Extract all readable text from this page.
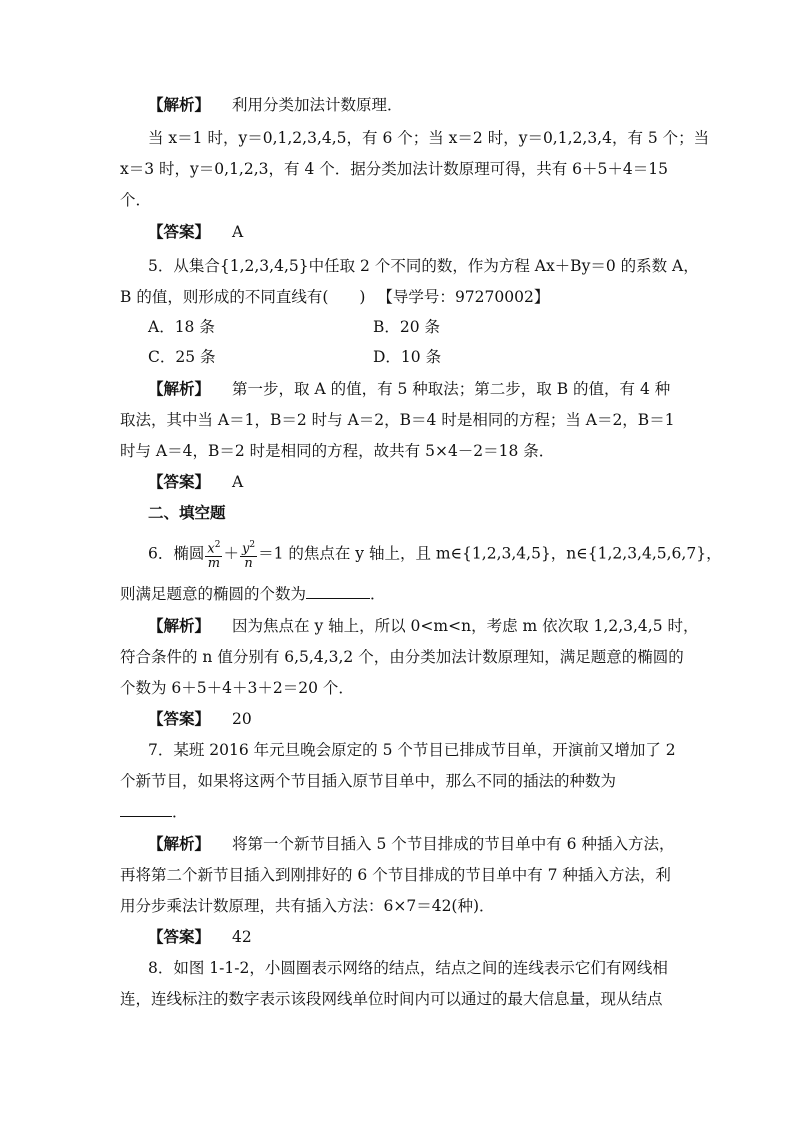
【解析】 利用分类加法计数原理．
当 x＝1 时，y＝0,1,2,3,4,5，有 6 个；当 x＝2 时，y＝0,1,2,3,4，有 5 个；当
x＝3 时，y＝0,1,2,3，有 4 个．据分类加法计数原理可得，共有 6＋5＋4＝15
个．
【答案】 A
5．从集合{1,2,3,4,5}中任取 2 个不同的数，作为方程 Ax＋By＝0 的系数 A，
B 的值，则形成的不同直线有(　　) 【导学号：97270002】
A．18 条	B．20 条
C．25 条	D．10 条
【解析】 第一步，取 A 的值，有 5 种取法；第二步，取 B 的值，有 4 种
取法，其中当 A＝1，B＝2 时与 A＝2，B＝4 时是相同的方程；当 A＝2，B＝1
时与 A＝4，B＝2 时是相同的方程，故共有 5×4－2＝18 条．
【答案】 A
二、填空题
6．椭圆 $\frac{x^2}{m} + \frac{y^2}{n} =1$ 的焦点在 y 轴上，且 m∈{1,2,3,4,5}，n∈{1,2,3,4,5,6,7}，
则满足题意的椭圆的个数为	．
【解析】 因为焦点在 y 轴上，所以 0<m<n，考虑 m 依次取 1,2,3,4,5 时，
符合条件的 n 值分别有 6,5,4,3,2 个，由分类加法计数原理知，满足题意的椭圆的
个数为 6＋5＋4＋3＋2＝20 个．
【答案】 20
7．某班 2016 年元旦晚会原定的 5 个节目已排成节目单，开演前又增加了 2
个新节目，如果将这两个节目插入原节目单中，那么不同的插法的种数为
．
【解析】 将第一个新节目插入 5 个节目排成的节目单中有 6 种插入方法，
再将第二个新节目插入到刚排好的 6 个节目排成的节目单中有 7 种插入方法，利
用分步乘法计数原理，共有插入方法：6×7＝42(种)．
【答案】 42
8．如图 1-1-2，小圆圈表示网络的结点，结点之间的连线表示它们有网线相
连，连线标注的数字表示该段网线单位时间内可以通过的最大信息量，现从结点
